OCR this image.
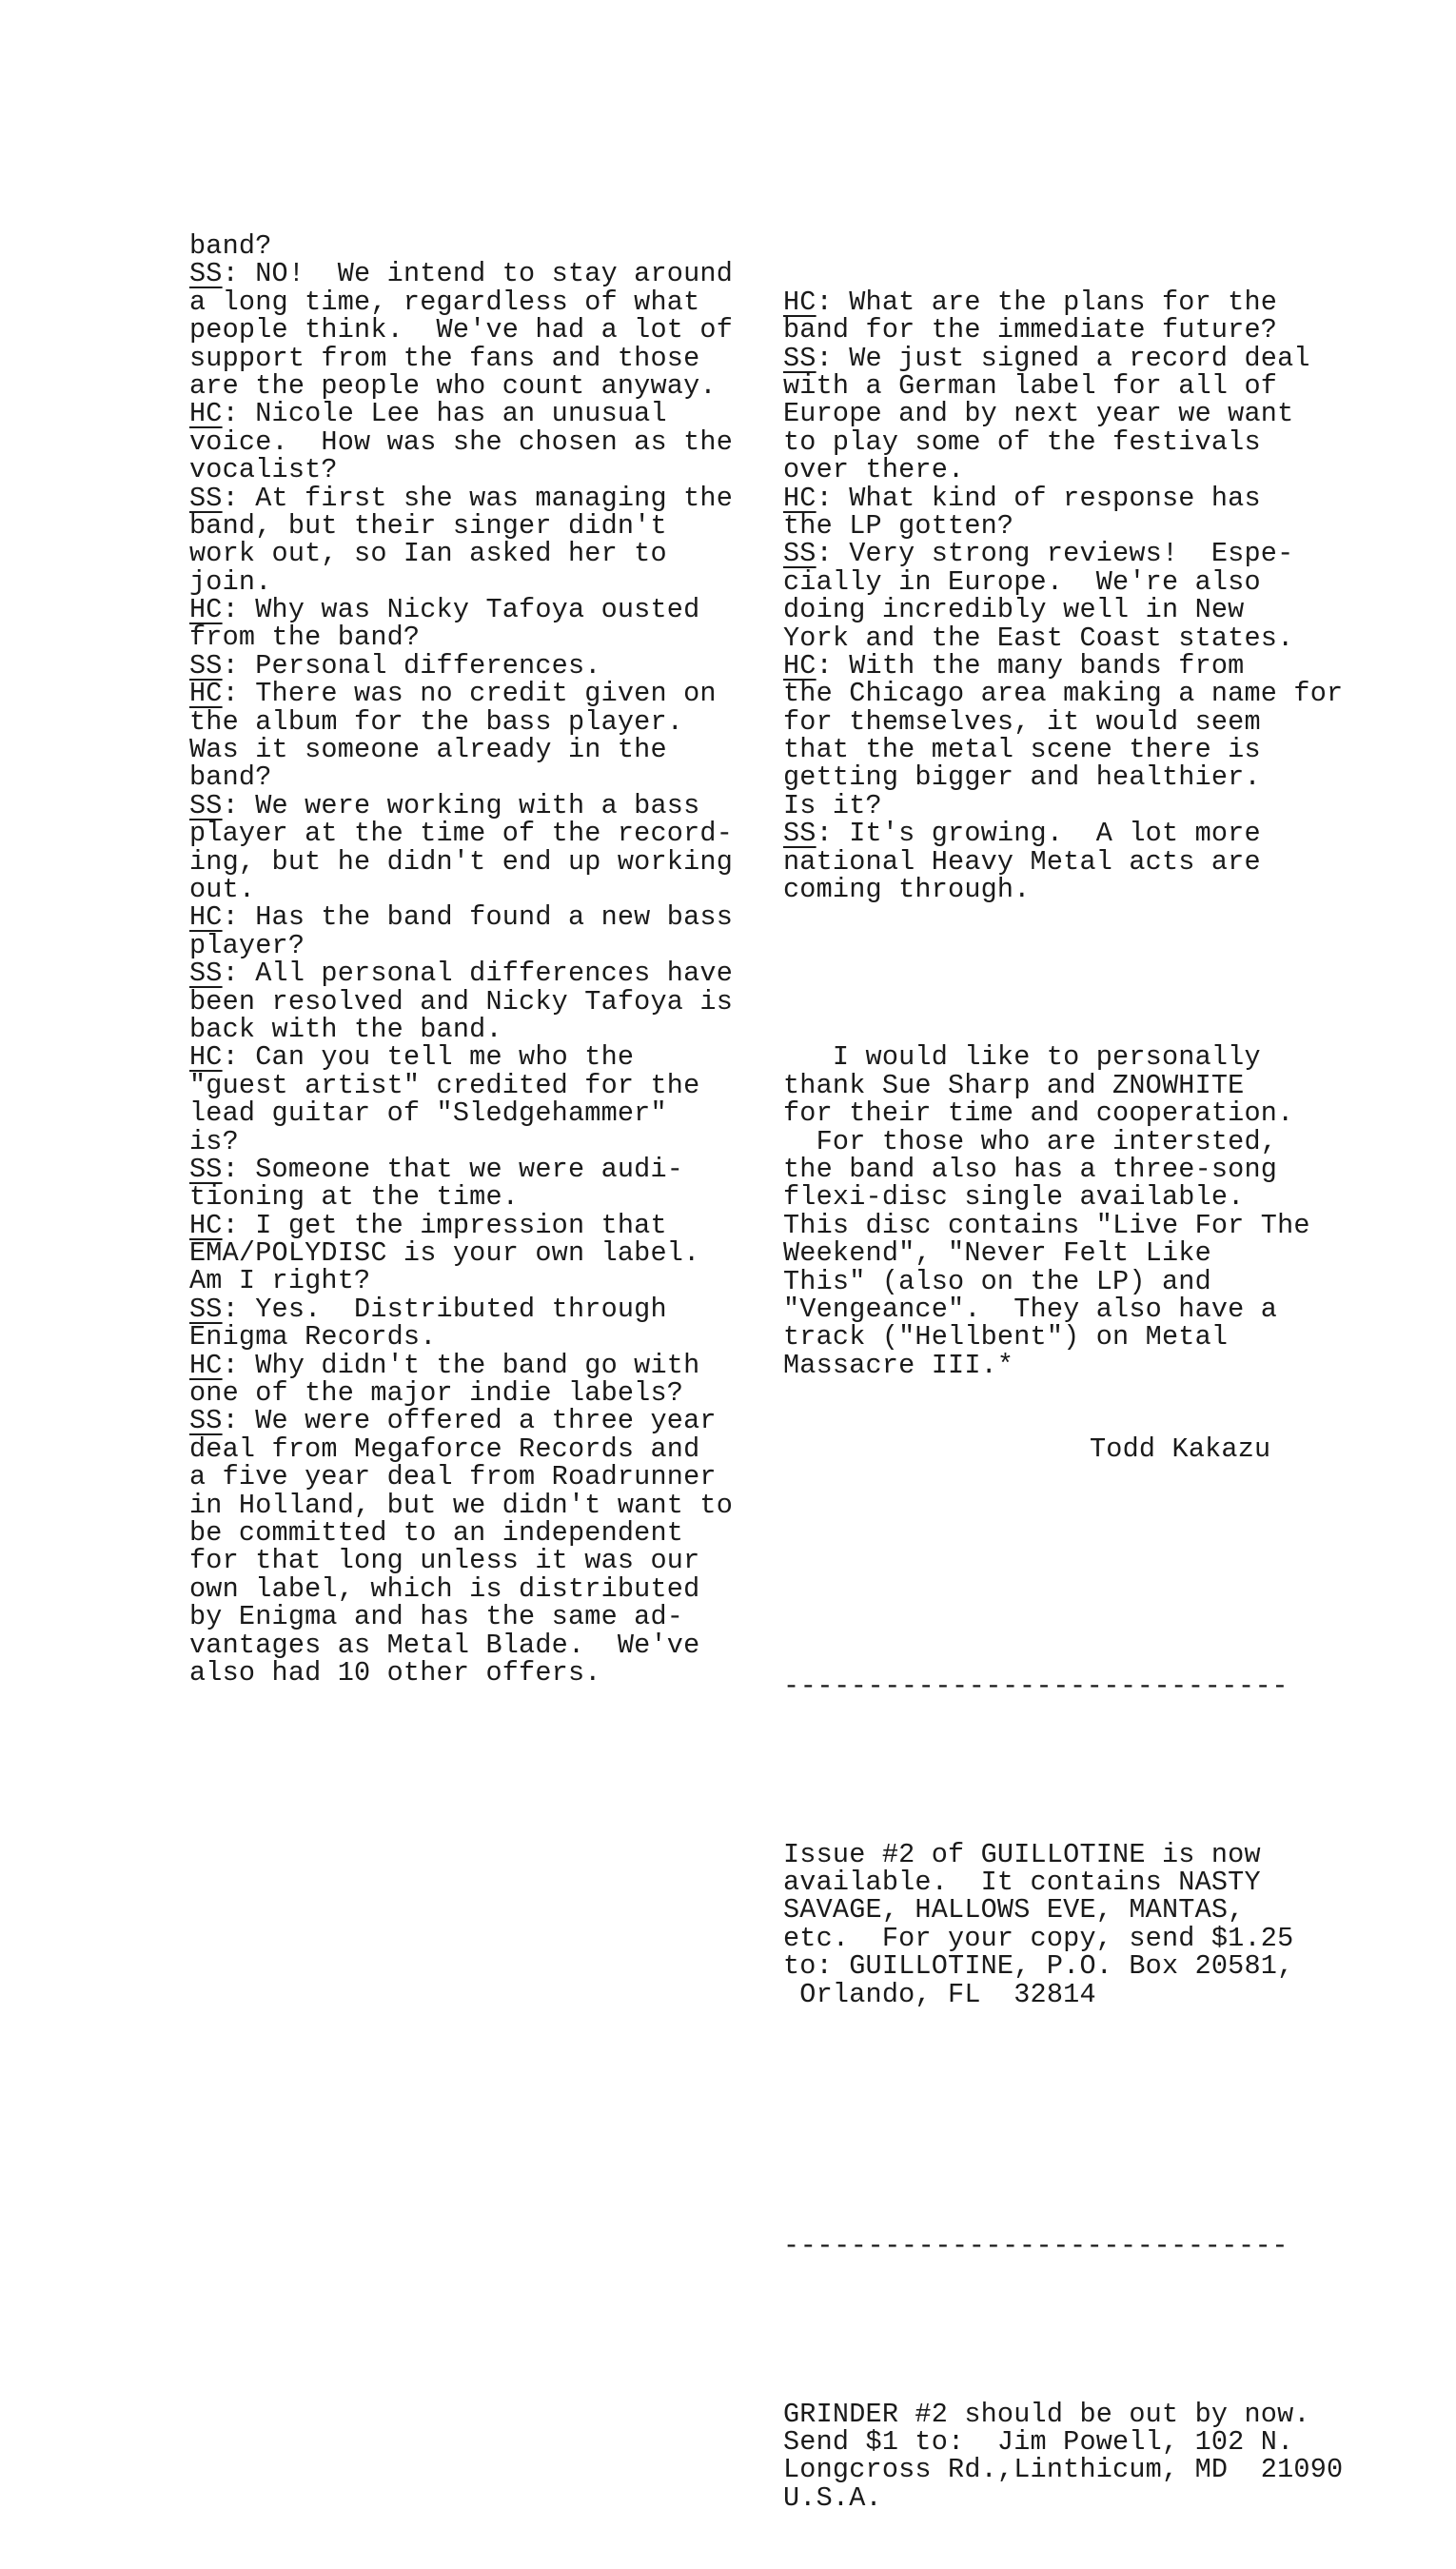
band?
SS: NO!  We intend to stay around
a long time, regardless of what
people think.  We've had a lot of
support from the fans and those
are the people who count anyway.
HC: Nicole Lee has an unusual
voice.  How was she chosen as the
vocalist?
SS: At first she was managing the
band, but their singer didn't
work out, so Ian asked her to
join.
HC: Why was Nicky Tafoya ousted
from the band?
SS: Personal differences.
HC: There was no credit given on
the album for the bass player.
Was it someone already in the
band?
SS: We were working with a bass
player at the time of the record-
ing, but he didn't end up working
out.
HC: Has the band found a new bass
player?
SS: All personal differences have
been resolved and Nicky Tafoya is
back with the band.
HC: Can you tell me who the
"guest artist" credited for the
lead guitar of "Sledgehammer"
is?
SS: Someone that we were audi-
tioning at the time.
HC: I get the impression that
EMA/POLYDISC is your own label.
Am I right?
SS: Yes.  Distributed through
Enigma Records.
HC: Why didn't the band go with
one of the major indie labels?
SS: We were offered a three year
deal from Megaforce Records and
a five year deal from Roadrunner
in Holland, but we didn't want to
be committed to an independent
for that long unless it was our
own label, which is distributed
by Enigma and has the same ad-
vantages as Metal Blade.  We've
also had 10 other offers.

HC: What are the plans for the
band for the immediate future?
SS: We just signed a record deal
with a German label for all of
Europe and by next year we want
to play some of the festivals
over there.
HC: What kind of response has
the LP gotten?
SS: Very strong reviews!  Espe-
cially in Europe.  We're also
doing incredibly well in New
York and the East Coast states.
HC: With the many bands from
the Chicago area making a name for
for themselves, it would seem
that the metal scene there is
getting bigger and healthier.
Is it?
SS: It's growing.  A lot more
national Heavy Metal acts are
coming through.

I would like to personally
thank Sue Sharp and ZNOWHITE
for their time and cooperation.
For those who are intersted,
the band also has a three-song
flexi-disc single available.
This disc contains "Live For The
Weekend", "Never Felt Like
This" (also on the LP) and
"Vengeance".  They also have a
track ("Hellbent") on Metal
Massacre III.*

Todd Kakazu

------------------------------

Issue #2 of GUILLOTINE is now
available.  It contains NASTY
SAVAGE, HALLOWS EVE, MANTAS,
etc.  For your copy, send $1.25
to: GUILLOTINE, P.O. Box 20581,
Orlando, FL  32814

------------------------------

GRINDER #2 should be out by now.
Send $1 to:  Jim Powell, 102 N.
Longcross Rd.,Linthicum, MD  21090
U.S.A.
